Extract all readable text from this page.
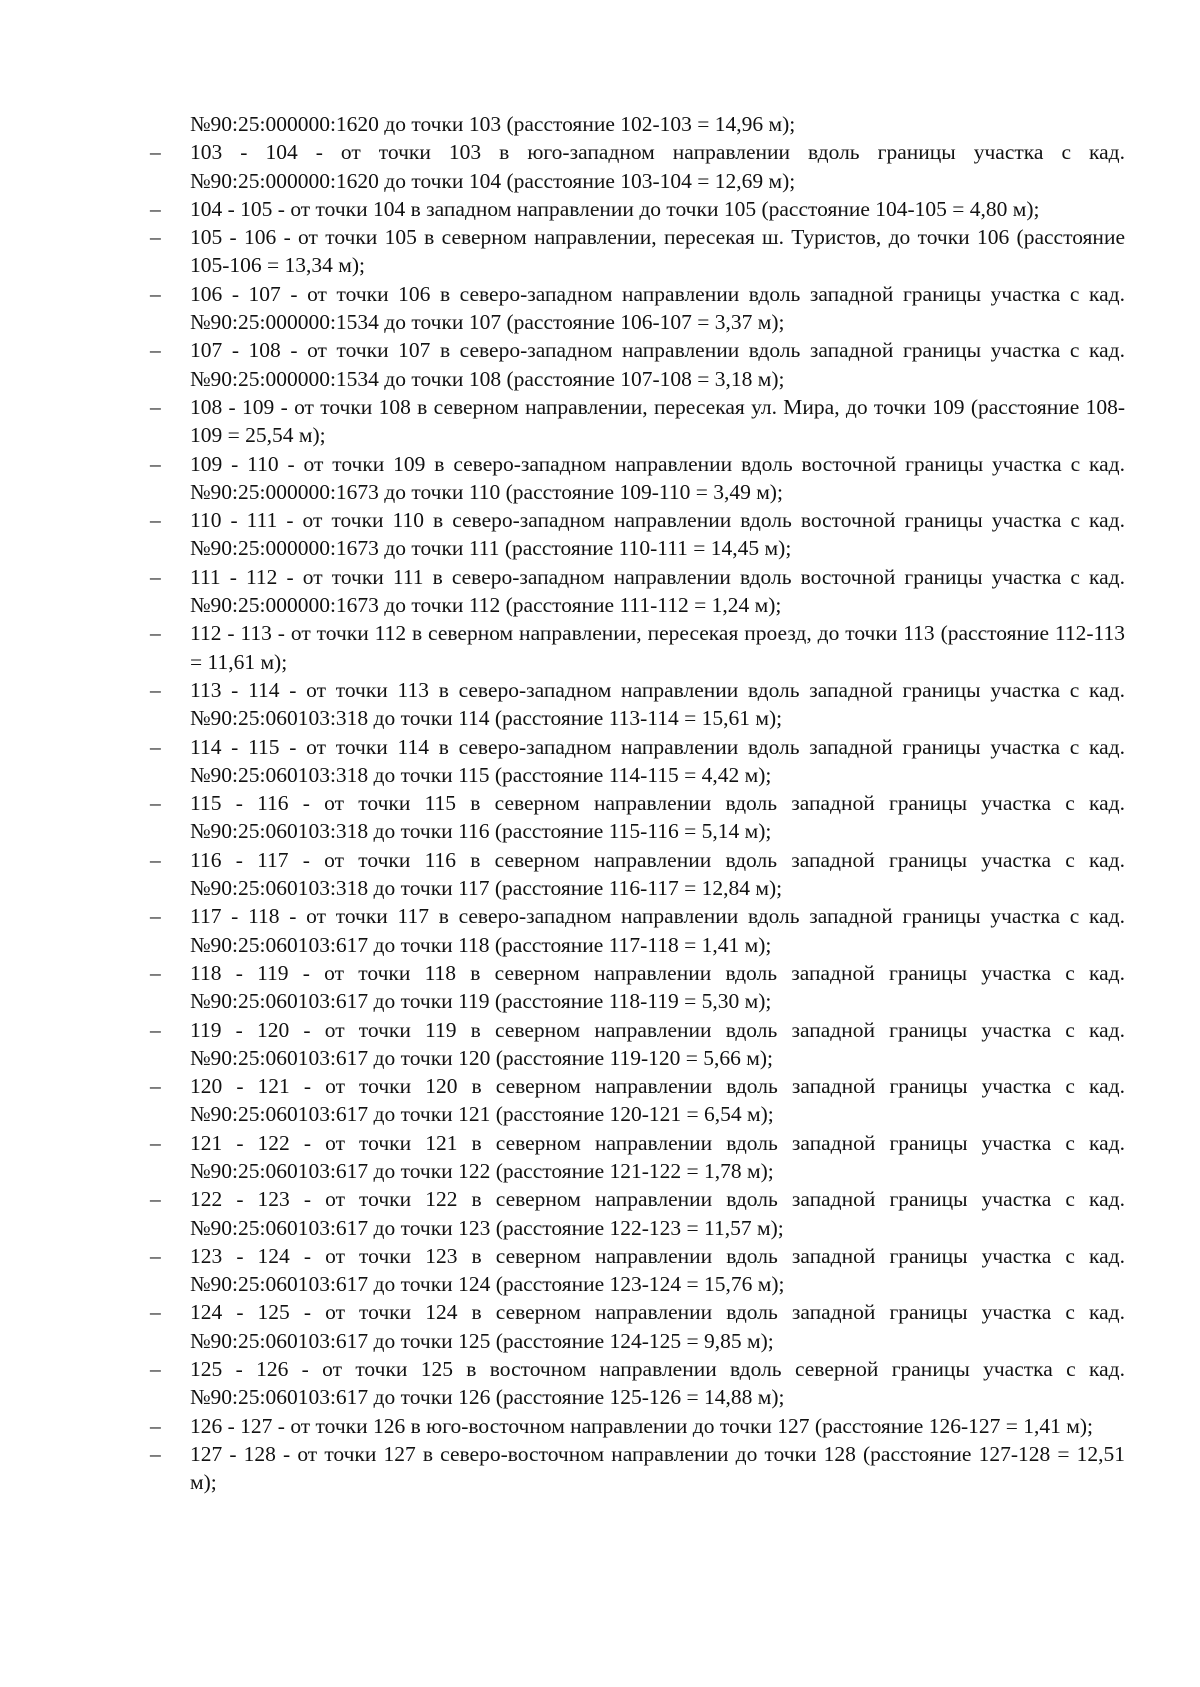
№90:25:000000:1620 до точки 103 (расстояние 102-103 = 14,96 м);

–	103 - 104 - от точки 103 в юго-западном направлении вдоль границы участка с кад. №90:25:000000:1620 до точки 104 (расстояние 103-104 = 12,69 м);
–	104 - 105 - от точки 104 в западном направлении до точки 105 (расстояние 104-105 = 4,80 м);
–	105 - 106 - от точки 105 в северном направлении, пересекая ш. Туристов, до точки 106 (расстояние 105-106 = 13,34 м);
–	106 - 107 - от точки 106 в северо-западном направлении вдоль западной границы участка с кад. №90:25:000000:1534 до точки 107 (расстояние 106-107 = 3,37 м);
–	107 - 108 - от точки 107 в северо-западном направлении вдоль западной границы участка с кад. №90:25:000000:1534 до точки 108 (расстояние 107-108 = 3,18 м);
–	108 - 109 - от точки 108 в северном направлении, пересекая ул. Мира, до точки 109 (расстояние 108-109 = 25,54 м);
–	109 - 110 - от точки 109 в северо-западном направлении вдоль восточной границы участка с кад. №90:25:000000:1673 до точки 110 (расстояние 109-110 = 3,49 м);
–	110 - 111 - от точки 110 в северо-западном направлении вдоль восточной границы участка с кад. №90:25:000000:1673 до точки 111 (расстояние 110-111 = 14,45 м);
–	111 - 112 - от точки 111 в северо-западном направлении вдоль восточной границы участка с кад. №90:25:000000:1673 до точки 112 (расстояние 111-112 = 1,24 м);
–	112 - 113 - от точки 112 в северном направлении, пересекая проезд, до точки 113 (расстояние 112-113 = 11,61 м);
–	113 - 114 - от точки 113 в северо-западном направлении вдоль западной границы участка с кад. №90:25:060103:318 до точки 114 (расстояние 113-114 = 15,61 м);
–	114 - 115 - от точки 114 в северо-западном направлении вдоль западной границы участка с кад. №90:25:060103:318 до точки 115 (расстояние 114-115 = 4,42 м);
–	115 - 116 - от точки 115 в северном направлении вдоль западной границы участка с кад. №90:25:060103:318 до точки 116 (расстояние 115-116 = 5,14 м);
–	116 - 117 - от точки 116 в северном направлении вдоль западной границы участка с кад. №90:25:060103:318 до точки 117 (расстояние 116-117 = 12,84 м);
–	117 - 118 - от точки 117 в северо-западном направлении вдоль западной границы участка с кад. №90:25:060103:617 до точки 118 (расстояние 117-118 = 1,41 м);
–	118 - 119 - от точки 118 в северном направлении вдоль западной границы участка с кад. №90:25:060103:617 до точки 119 (расстояние 118-119 = 5,30 м);
–	119 - 120 - от точки 119 в северном направлении вдоль западной границы участка с кад. №90:25:060103:617 до точки 120 (расстояние 119-120 = 5,66 м);
–	120 - 121 - от точки 120 в северном направлении вдоль западной границы участка с кад. №90:25:060103:617 до точки 121 (расстояние 120-121 = 6,54 м);
–	121 - 122 - от точки 121 в северном направлении вдоль западной границы участка с кад. №90:25:060103:617 до точки 122 (расстояние 121-122 = 1,78 м);
–	122 - 123 - от точки 122 в северном направлении вдоль западной границы участка с кад. №90:25:060103:617 до точки 123 (расстояние 122-123 = 11,57 м);
–	123 - 124 - от точки 123 в северном направлении вдоль западной границы участка с кад. №90:25:060103:617 до точки 124 (расстояние 123-124 = 15,76 м);
–	124 - 125 - от точки 124 в северном направлении вдоль западной границы участка с кад. №90:25:060103:617 до точки 125 (расстояние 124-125 = 9,85 м);
–	125 - 126 - от точки 125 в восточном направлении вдоль северной границы участка с кад. №90:25:060103:617 до точки 126 (расстояние 125-126 = 14,88 м);
–	126 - 127 - от точки 126 в юго-восточном направлении до точки 127 (расстояние 126-127 = 1,41 м);
–	127 - 128 - от точки 127 в северо-восточном направлении до точки 128 (расстояние 127-128 = 12,51 м);
